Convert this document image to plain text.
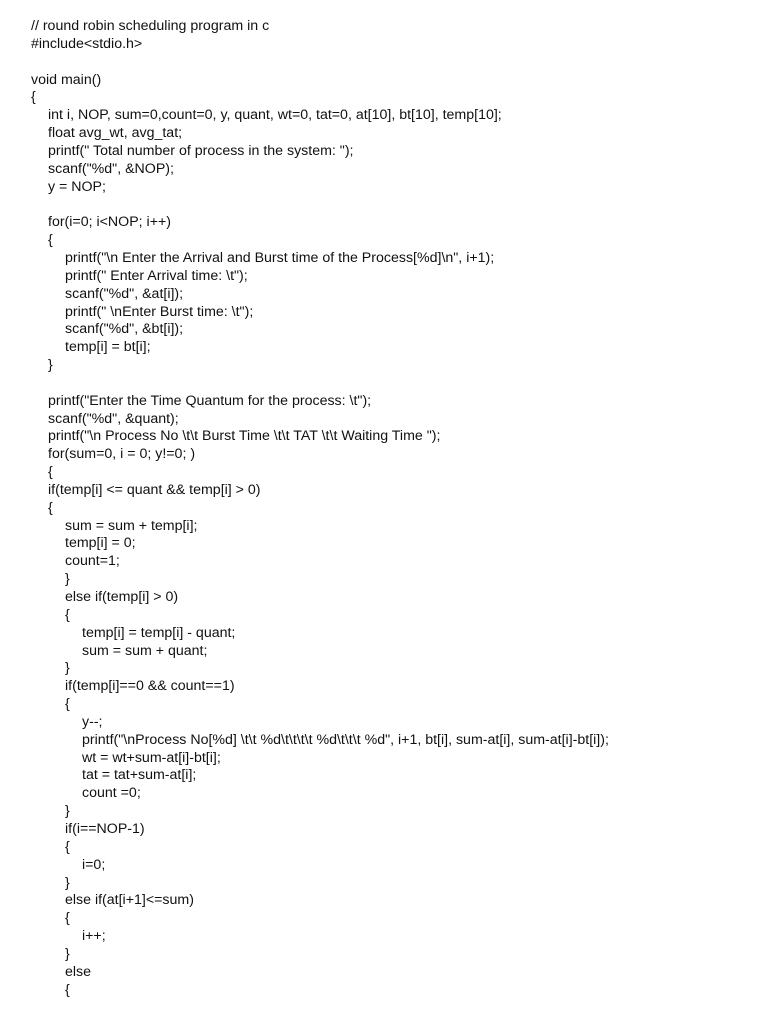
// round robin scheduling program in c
#include<stdio.h>
void main()
{
int i, NOP, sum=0,count=0, y, quant, wt=0, tat=0, at[10], bt[10], temp[10];
float avg_wt, avg_tat;
printf(" Total number of process in the system: ");
scanf("%d", &NOP);
y = NOP;
for(i=0; i<NOP; i++)
{
printf("\n Enter the Arrival and Burst time of the Process[%d]\n", i+1);
printf(" Enter Arrival time: \t");
scanf("%d", &at[i]);
printf(" \nEnter Burst time: \t");
scanf("%d", &bt[i]);
temp[i] = bt[i];
}
printf("Enter the Time Quantum for the process: \t");
scanf("%d", &quant);
printf("\n Process No \t\t Burst Time \t\t TAT \t\t Waiting Time ");
for(sum=0, i = 0; y!=0; )
{
if(temp[i] <= quant && temp[i] > 0)
{
sum = sum + temp[i];
temp[i] = 0;
count=1;
}
else if(temp[i] > 0)
{
temp[i] = temp[i] - quant;
sum = sum + quant;
}
if(temp[i]==0 && count==1)
{
y--;
printf("\nProcess No[%d] \t\t %d\t\t\t\t %d\t\t\t %d", i+1, bt[i], sum-at[i], sum-at[i]-bt[i]);
wt = wt+sum-at[i]-bt[i];
tat = tat+sum-at[i];
count =0;
}
if(i==NOP-1)
{
i=0;
}
else if(at[i+1]<=sum)
{
i++;
}
else
{
